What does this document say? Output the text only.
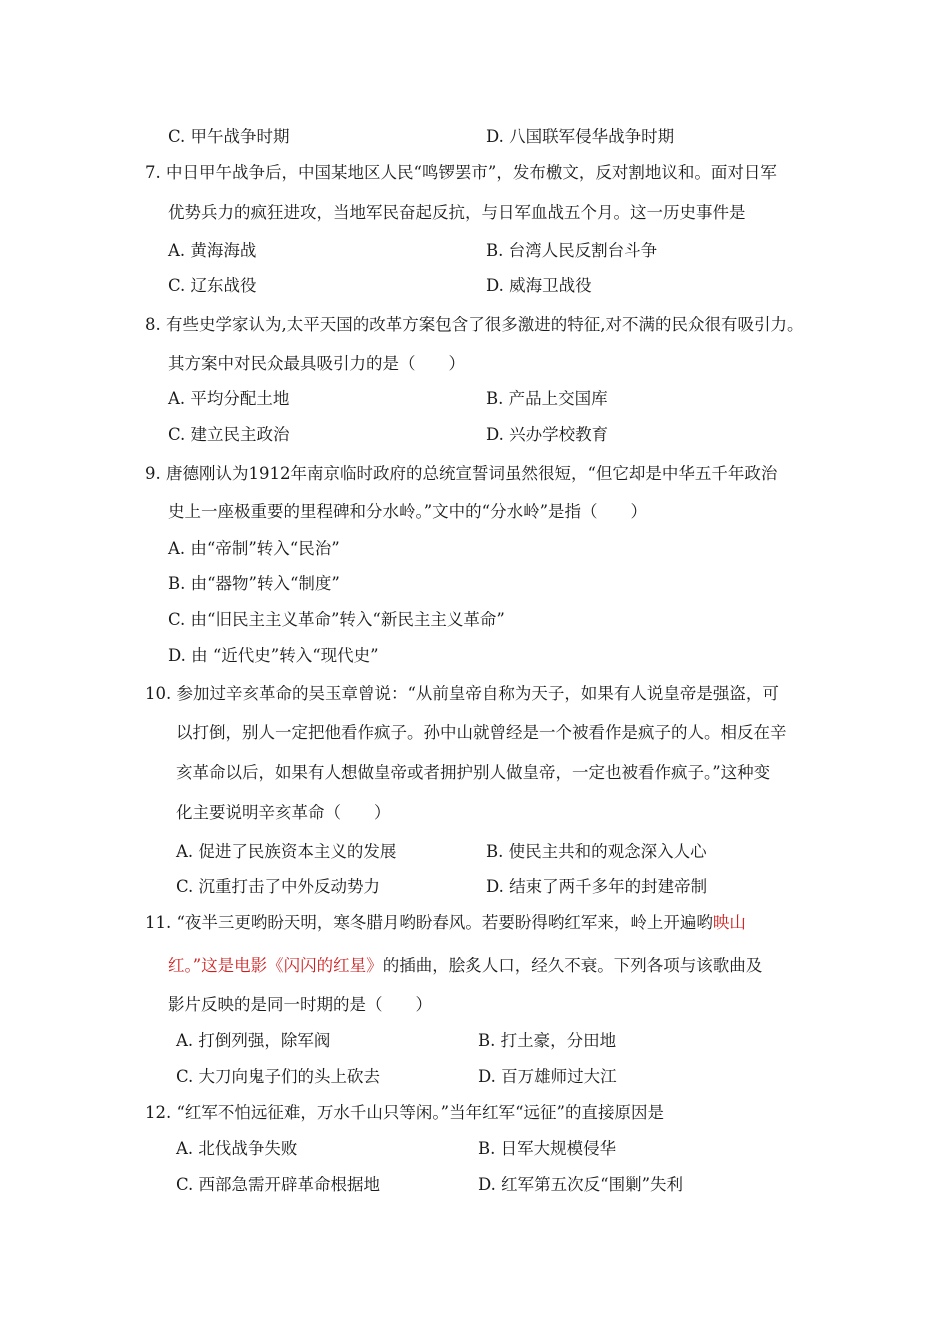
C. 甲午战争时期	D. 八国联军侵华战争时期
7. 中日甲午战争后，中国某地区人民“鸣锣罢市”，发布檄文，反对割地议和。面对日军
优势兵力的疯狂进攻，当地军民奋起反抗，与日军血战五个月。这一历史事件是
A. 黄海海战	B. 台湾人民反割台斗争
C. 辽东战役	D. 威海卫战役
8. 有些史学家认为,太平天国的改革方案包含了很多激进的特征,对不满的民众很有吸引力。
其方案中对民众最具吸引力的是（　　）
A. 平均分配土地	B. 产品上交国库
C. 建立民主政治	D. 兴办学校教育
9. 唐德刚认为1912年南京临时政府的总统宣誓词虽然很短，“但它却是中华五千年政治
史上一座极重要的里程碑和分水岭。”文中的“分水岭”是指（　　）
A. 由“帝制”转入“民治”
B. 由“器物”转入“制度”
C. 由“旧民主主义革命”转入“新民主主义革命”
D. 由 “近代史”转入“现代史”
10. 参加过辛亥革命的吴玉章曾说：“从前皇帝自称为天子，如果有人说皇帝是强盗，可
以打倒，别人一定把他看作疯子。孙中山就曾经是一个被看作是疯子的人。相反在辛
亥革命以后，如果有人想做皇帝或者拥护别人做皇帝，一定也被看作疯子。”这种变
化主要说明辛亥革命（　　）
A. 促进了民族资本主义的发展	B. 使民主共和的观念深入人心
C. 沉重打击了中外反动势力	D. 结束了两千多年的封建帝制
11. “夜半三更哟盼天明，寒冬腊月哟盼春风。若要盼得哟红军来，岭上开遍哟映山
红。”这是电影《闪闪的红星》的插曲，脍炙人口，经久不衰。下列各项与该歌曲及
影片反映的是同一时期的是（　　）
A. 打倒列强，除军阀	B. 打土豪，分田地
C. 大刀向鬼子们的头上砍去	D. 百万雄师过大江
12. “红军不怕远征难，万水千山只等闲。”当年红军“远征”的直接原因是
A. 北伐战争失败	B. 日军大规模侵华
C. 西部急需开辟革命根据地	D. 红军第五次反“围剿”失利
